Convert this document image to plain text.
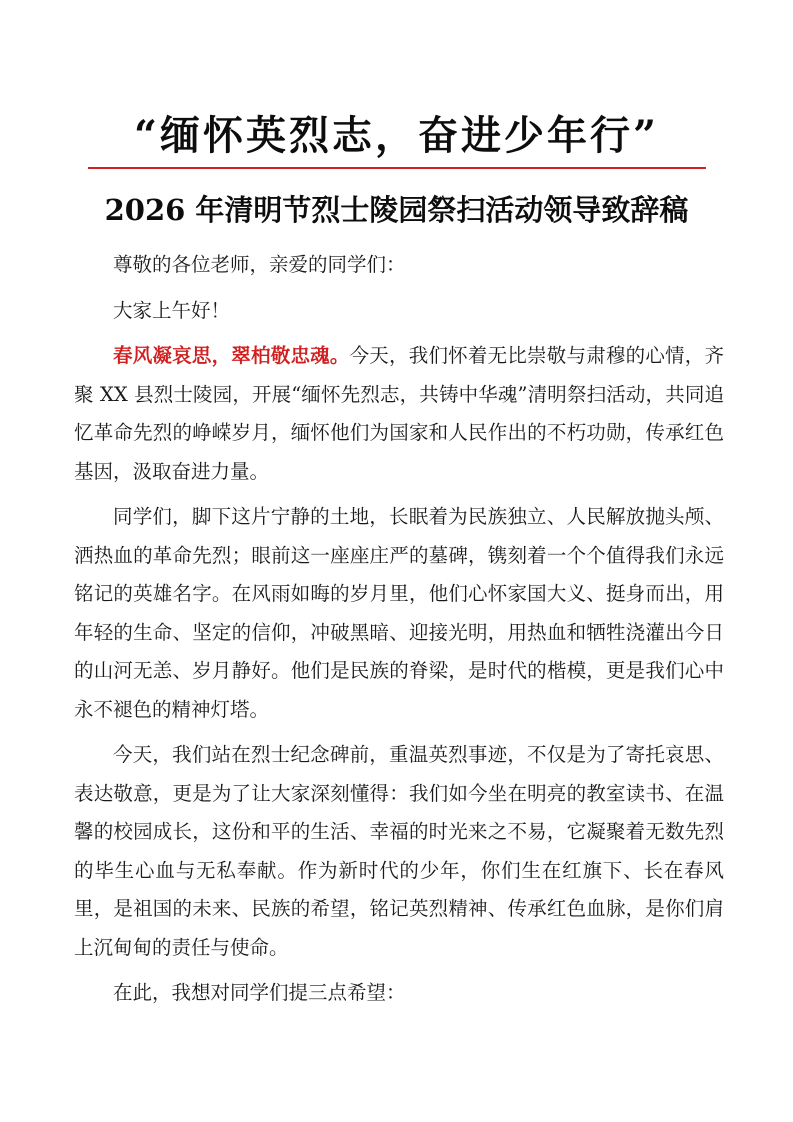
“缅怀英烈志，奋进少年行”
2026 年清明节烈士陵园祭扫活动领导致辞稿

尊敬的各位老师，亲爱的同学们：

大家上午好！

春风凝哀思，翠柏敬忠魂。今天，我们怀着无比崇敬与肃穆的心情，齐聚 XX 县烈士陵园，开展“缅怀先烈志，共铸中华魂”清明祭扫活动，共同追忆革命先烈的峥嵘岁月，缅怀他们为国家和人民作出的不朽功勋，传承红色基因，汲取奋进力量。

同学们，脚下这片宁静的土地，长眠着为民族独立、人民解放抛头颅、洒热血的革命先烈；眼前这一座座庄严的墓碑，镌刻着一个个值得我们永远铭记的英雄名字。在风雨如晦的岁月里，他们心怀家国大义、挺身而出，用年轻的生命、坚定的信仰，冲破黑暗、迎接光明，用热血和牺牲浇灌出今日的山河无恙、岁月静好。他们是民族的脊梁，是时代的楷模，更是我们心中永不褪色的精神灯塔。

今天，我们站在烈士纪念碑前，重温英烈事迹，不仅是为了寄托哀思、表达敬意，更是为了让大家深刻懂得：我们如今坐在明亮的教室读书、在温馨的校园成长，这份和平的生活、幸福的时光来之不易，它凝聚着无数先烈的毕生心血与无私奉献。作为新时代的少年，你们生在红旗下、长在春风里，是祖国的未来、民族的希望，铭记英烈精神、传承红色血脉，是你们肩上沉甸甸的责任与使命。

在此，我想对同学们提三点希望：
